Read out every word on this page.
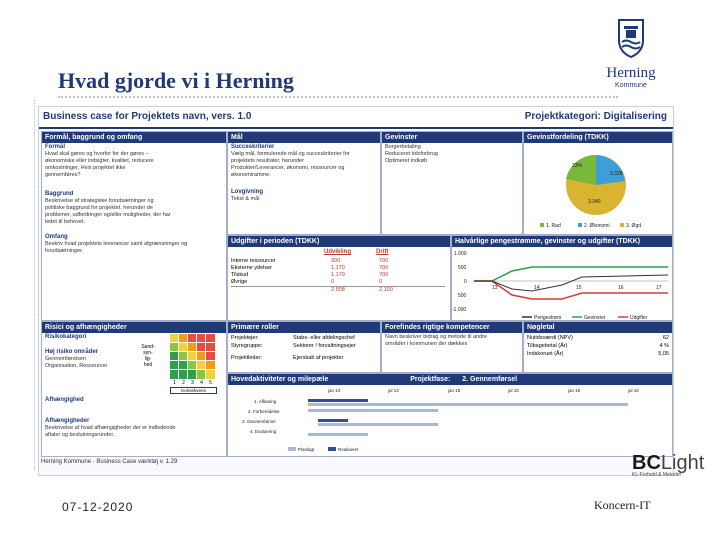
Hvad gjorde vi i Herning	Herning
Kommune
Business case for Projektets navn, vers. 1.0	Projektkategori: Digitalisering
Formål, baggrund og omfang
Formål
Hvad skal gøres og hvorfor for der gøres –
økonomiske eller indsigter, kvalitet, reducere
omkostninger, Hvis projektet ikke
gennemføres?
Baggrund
Beskrivelse af strategiske forudsætninger og
politiske baggrund for projektet, herunder de
problemer, udfordringer og/eller muligheder, der har
ledet til behovet.
Omfang
Beskriv hvad projektets leverancer samt afgrænsninger og
forudsætninger.
Mål
Succeskriterier
Vælg mål, formulerede mål og succeskriterier for
projektets resultater, herunder
Produkter/Leverancer, økonomi, ressourcer og
økonomiramme.
Lovgivning
Tekst & mål
Gevinster
Borgerbetaling
Reduceret tidsforbrug
Optimeret indkøb
Gevinstfordeling (TDKK)
23%
3.328
3.340
1. Rad	2. Økonomi	3. Øgd
Udgifter i perioden (TDKK)
Udvikling	Drift
Interne ressourcer	200	700
Eksterne ydelser	1.170	700
Tilskud	1.170	700
Øvrige	0	0
2.508	2.100
Halvårlige pengestrømme, gevinster og udgifter (TDKK)
1.000
500
0
500
-1.000
13	14	15	16	17
Pengestrøm	Gevinster	Udgifter
Risici og afhængigheder
Risikokategori
Sand-
syn-
lig-
hed
1 2 3 4 5
Konsekvens
Høj risiko områder
Gennemførelsen
Organisation, Ressourcer
Afhængighed
Afhængigheder
Beskrivelse af hvad afhængigheder der er indledende
aftaler og beslutningsrunder.
Primære roller
Projektejer:	Stabs- eller afdelingschef
Styregruppe:	Sektorer / forvaltningsejer
Projektleder:	Ejerskab af projekter
Forefindes rigtige kompetencer
Navn beskriver bidrag og metode til andre
områder i kommunen der dækkes
Nøgletal
Nutidsværdi (NPV)	62
Tilbagebetal (År)	4 %
Indskoruet (År)	5,05
Hovedaktiviteter og milepæle	Projektfase: 2. Gennemførsel
jan 14	jul 14	jan 15	jul 15	jan 16	jul 16
1. Afklaring
2. Forberedelse
3. Gennemførsel
4. Evaluering
Planlagt	Realiseret
Herning Kommune · Business Case værktøj v. 1.29	BCLight
KL-Forhold & Metoder
07-12-2020	Koncern-IT
